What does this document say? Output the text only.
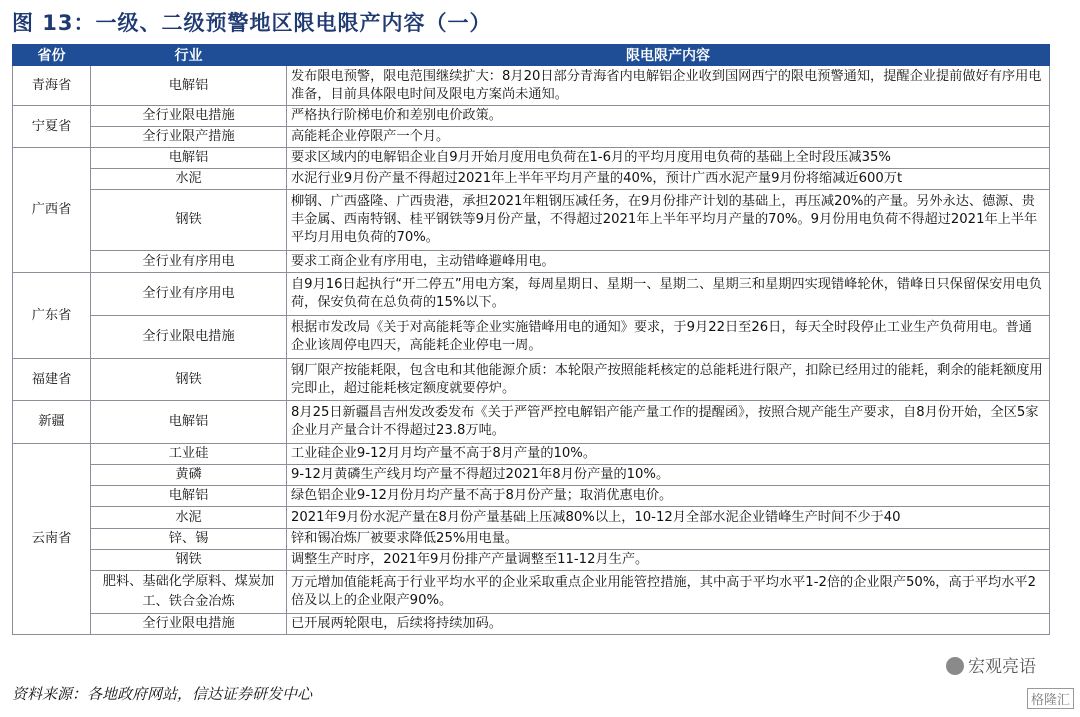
图 13：一级、二级预警地区限电限产内容（一）
省份	行业	限电限产内容
青海省	电解铝	发布限电预警，限电范围继续扩大：8月20日部分青海省内电解铝企业收到国网西宁的限电预警通知，提醒企业提前做好有序用电准备，目前具体限电时间及限电方案尚未通知。
宁夏省	全行业限电措施	严格执行阶梯电价和差别电价政策。
	全行业限产措施	高能耗企业停限产一个月。
广西省	电解铝	要求区域内的电解铝企业自9月开始月度用电负荷在1-6月的平均月度用电负荷的基础上全时段压减35%
	水泥	水泥行业9月份产量不得超过2021年上半年平均月产量的40%，预计广西水泥产量9月份将缩减近600万t
	钢铁	柳钢、广西盛隆、广西贵港，承担2021年粗钢压减任务，在9月份排产计划的基础上，再压减20%的产量。另外永达、德源、贵丰金属、西南特钢、桂平钢铁等9月份产量，不得超过2021年上半年平均月产量的70%。9月份用电负荷不得超过2021年上半年平均月用电负荷的70%。
	全行业有序用电	要求工商企业有序用电，主动错峰避峰用电。
广东省	全行业有序用电	自9月16日起执行“开二停五”用电方案，每周星期日、星期一、星期二、星期三和星期四实现错峰轮休，错峰日只保留保安用电负荷，保安负荷在总负荷的15%以下。
	全行业限电措施	根据市发改局《关于对高能耗等企业实施错峰用电的通知》要求，于9月22日至26日，每天全时段停止工业生产负荷用电。普通企业该周停电四天，高能耗企业停电一周。
福建省	钢铁	钢厂限产按能耗限，包含电和其他能源介质：本轮限产按照能耗核定的总能耗进行限产，扣除已经用过的能耗，剩余的能耗额度用完即止，超过能耗核定额度就要停炉。
新疆	电解铝	8月25日新疆昌吉州发改委发布《关于严管严控电解铝产能产量工作的提醒函》，按照合规产能生产要求，自8月份开始，全区5家企业月产量合计不得超过23.8万吨。
云南省	工业硅	工业硅企业9-12月月均产量不高于8月产量的10%。
	黄磷	9-12月黄磷生产线月均产量不得超过2021年8月份产量的10%。
	电解铝	绿色铝企业9-12月份月均产量不高于8月份产量；取消优惠电价。
	水泥	2021年9月份水泥产量在8月份产量基础上压减80%以上，10-12月全部水泥企业错峰生产时间不少于40
	锌、锡	锌和锡冶炼厂被要求降低25%用电量。
	钢铁	调整生产时序，2021年9月份排产产量调整至11-12月生产。
	肥料、基础化学原料、煤炭加工、铁合金冶炼	万元增加值能耗高于行业平均水平的企业采取重点企业用能管控措施，其中高于平均水平1-2倍的企业限产50%，高于平均水平2倍及以上的企业限产90%。
	全行业限电措施	已开展两轮限电，后续将持续加码。
资料来源：各地政府网站，信达证券研发中心
宏观亮语
格隆汇
